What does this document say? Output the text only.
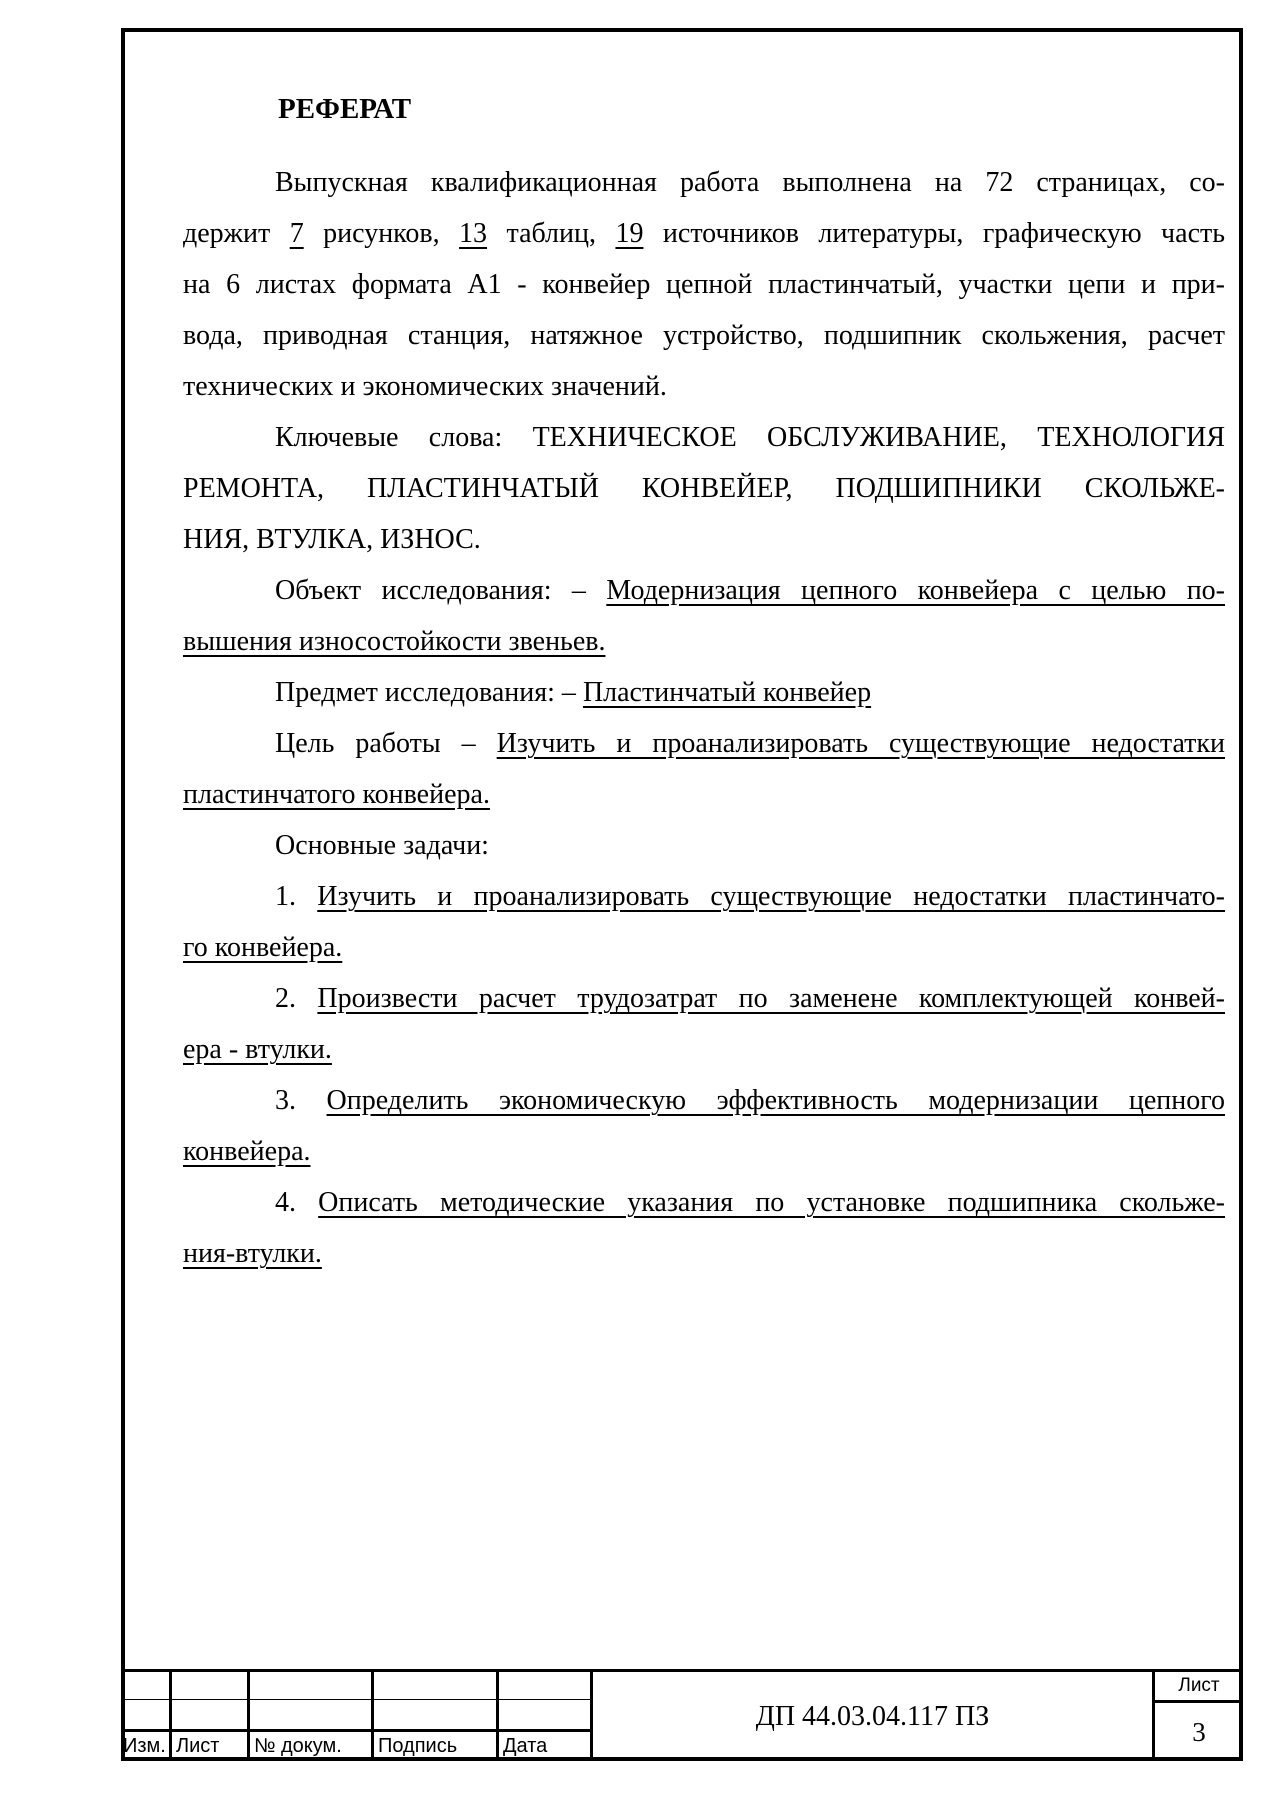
РЕФЕРАТ
Выпускная квалификационная работа выполнена на 72 страницах, со-
держит 7 рисунков, 13 таблиц, 19 источников литературы, графическую часть
на 6 листах формата А1 - конвейер цепной пластинчатый, участки цепи и при-
вода, приводная станция, натяжное устройство, подшипник скольжения, расчет
технических и экономических значений.
Ключевые слова: ТЕХНИЧЕСКОЕ ОБСЛУЖИВАНИЕ, ТЕХНОЛОГИЯ
РЕМОНТА, ПЛАСТИНЧАТЫЙ КОНВЕЙЕР, ПОДШИПНИКИ СКОЛЬЖЕ-
НИЯ, ВТУЛКА, ИЗНОС.
Объект исследования: – Модернизация цепного конвейера с целью по-
вышения износостойкости звеньев.
Предмет исследования: – Пластинчатый конвейер
Цель работы – Изучить и проанализировать существующие недостатки
пластинчатого конвейера.
Основные задачи:
1. Изучить и проанализировать существующие недостатки пластинчато-
го конвейера.
2. Произвести расчет трудозатрат по заменене комплектующей конвей-
ера - втулки.
3. Определить экономическую эффективность модернизации цепного
конвейера.
4. Описать методические указания по установке подшипника скольже-
ния-втулки.
Изм. Лист	№ докум.	Подпись	Дата
ДП 44.03.04.117 ПЗ
Лист
3
